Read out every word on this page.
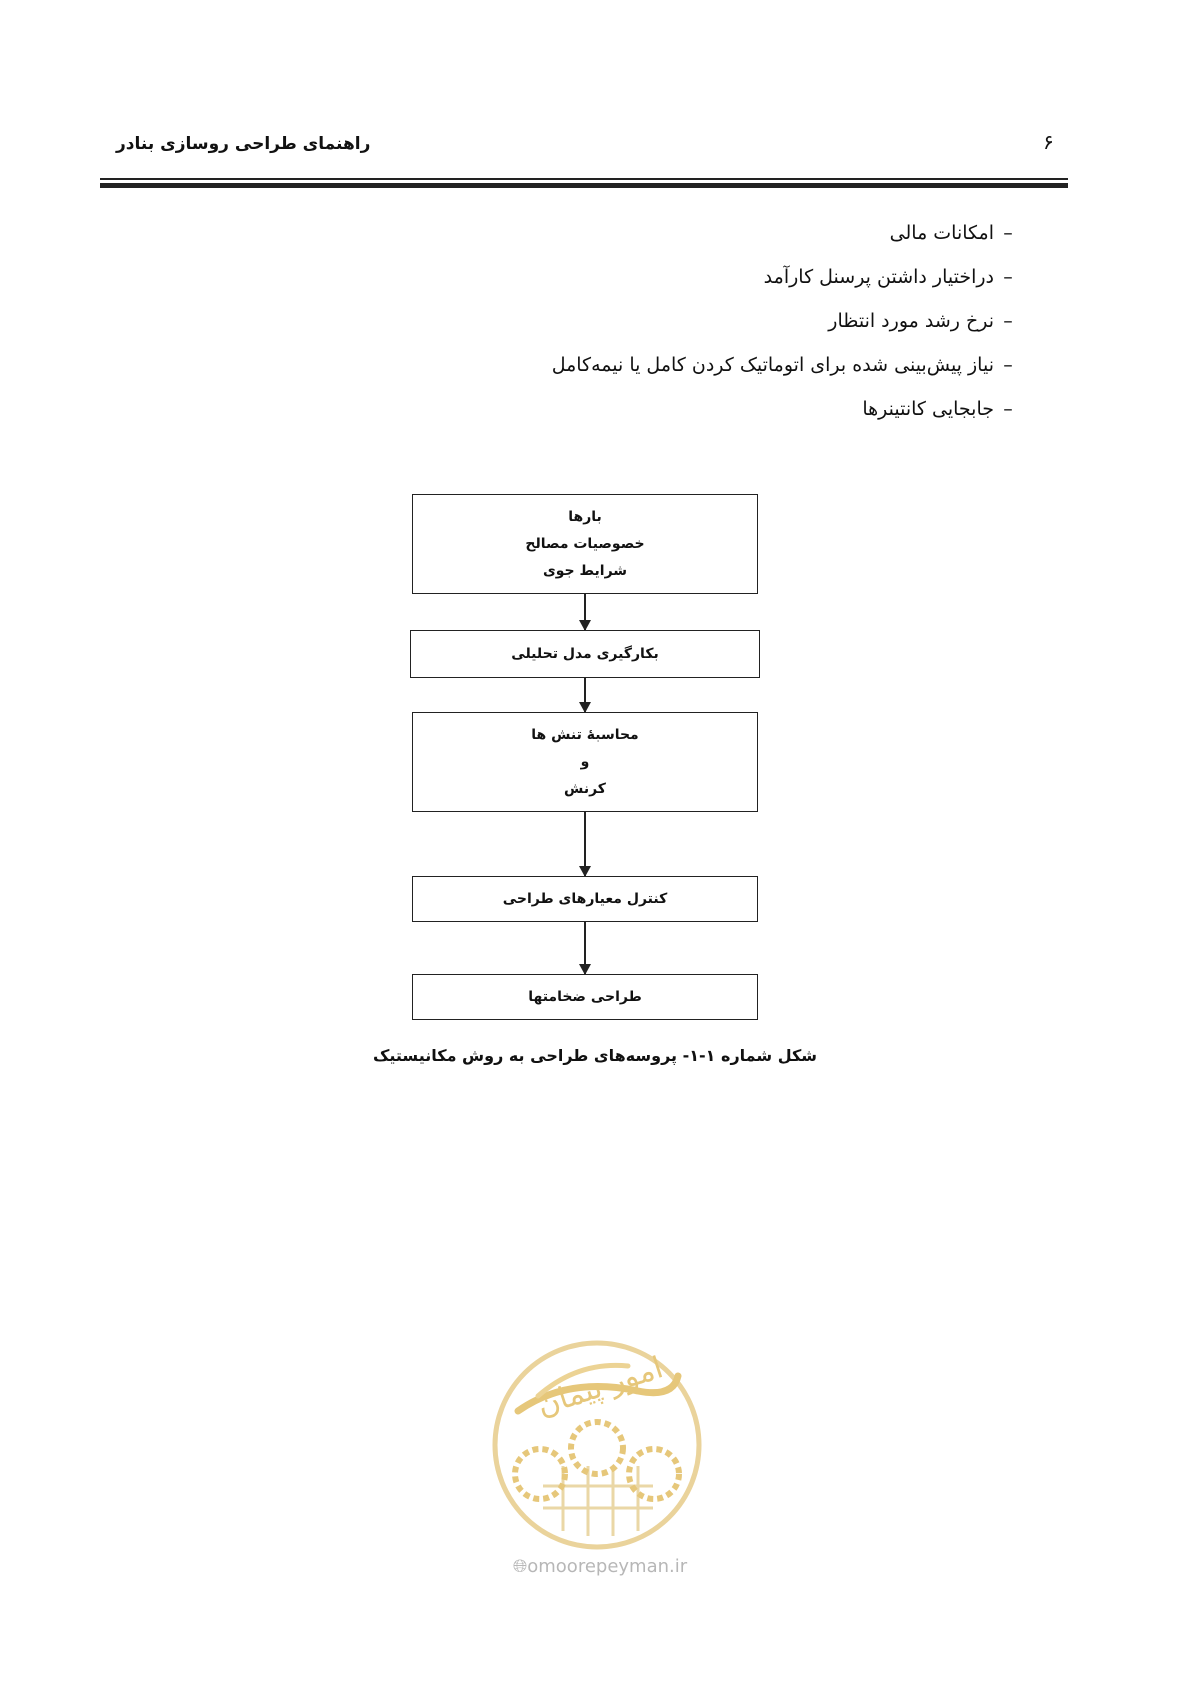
راهنمای طراحی روسازی بنادر	۶
–امکانات مالی
–دراختیار داشتن پرسنل کارآمد
–نرخ رشد مورد انتظار
–نیاز پیش‌بینی شده برای اتوماتیک کردن کامل یا نیمه‌کامل
–جابجایی کانتینرها
بارها
خصوصیات مصالح
شرایط جوی
بکارگیری مدل تحلیلی
محاسبهٔ تنش ها
و
کرنش
کنترل معیارهای طراحی
طراحی ضخامتها
شکل شماره ۱-۱- پروسه‌های طراحی به روش مکانیستیک
امور پیمان
🌐︎omoorepeyman.ir
